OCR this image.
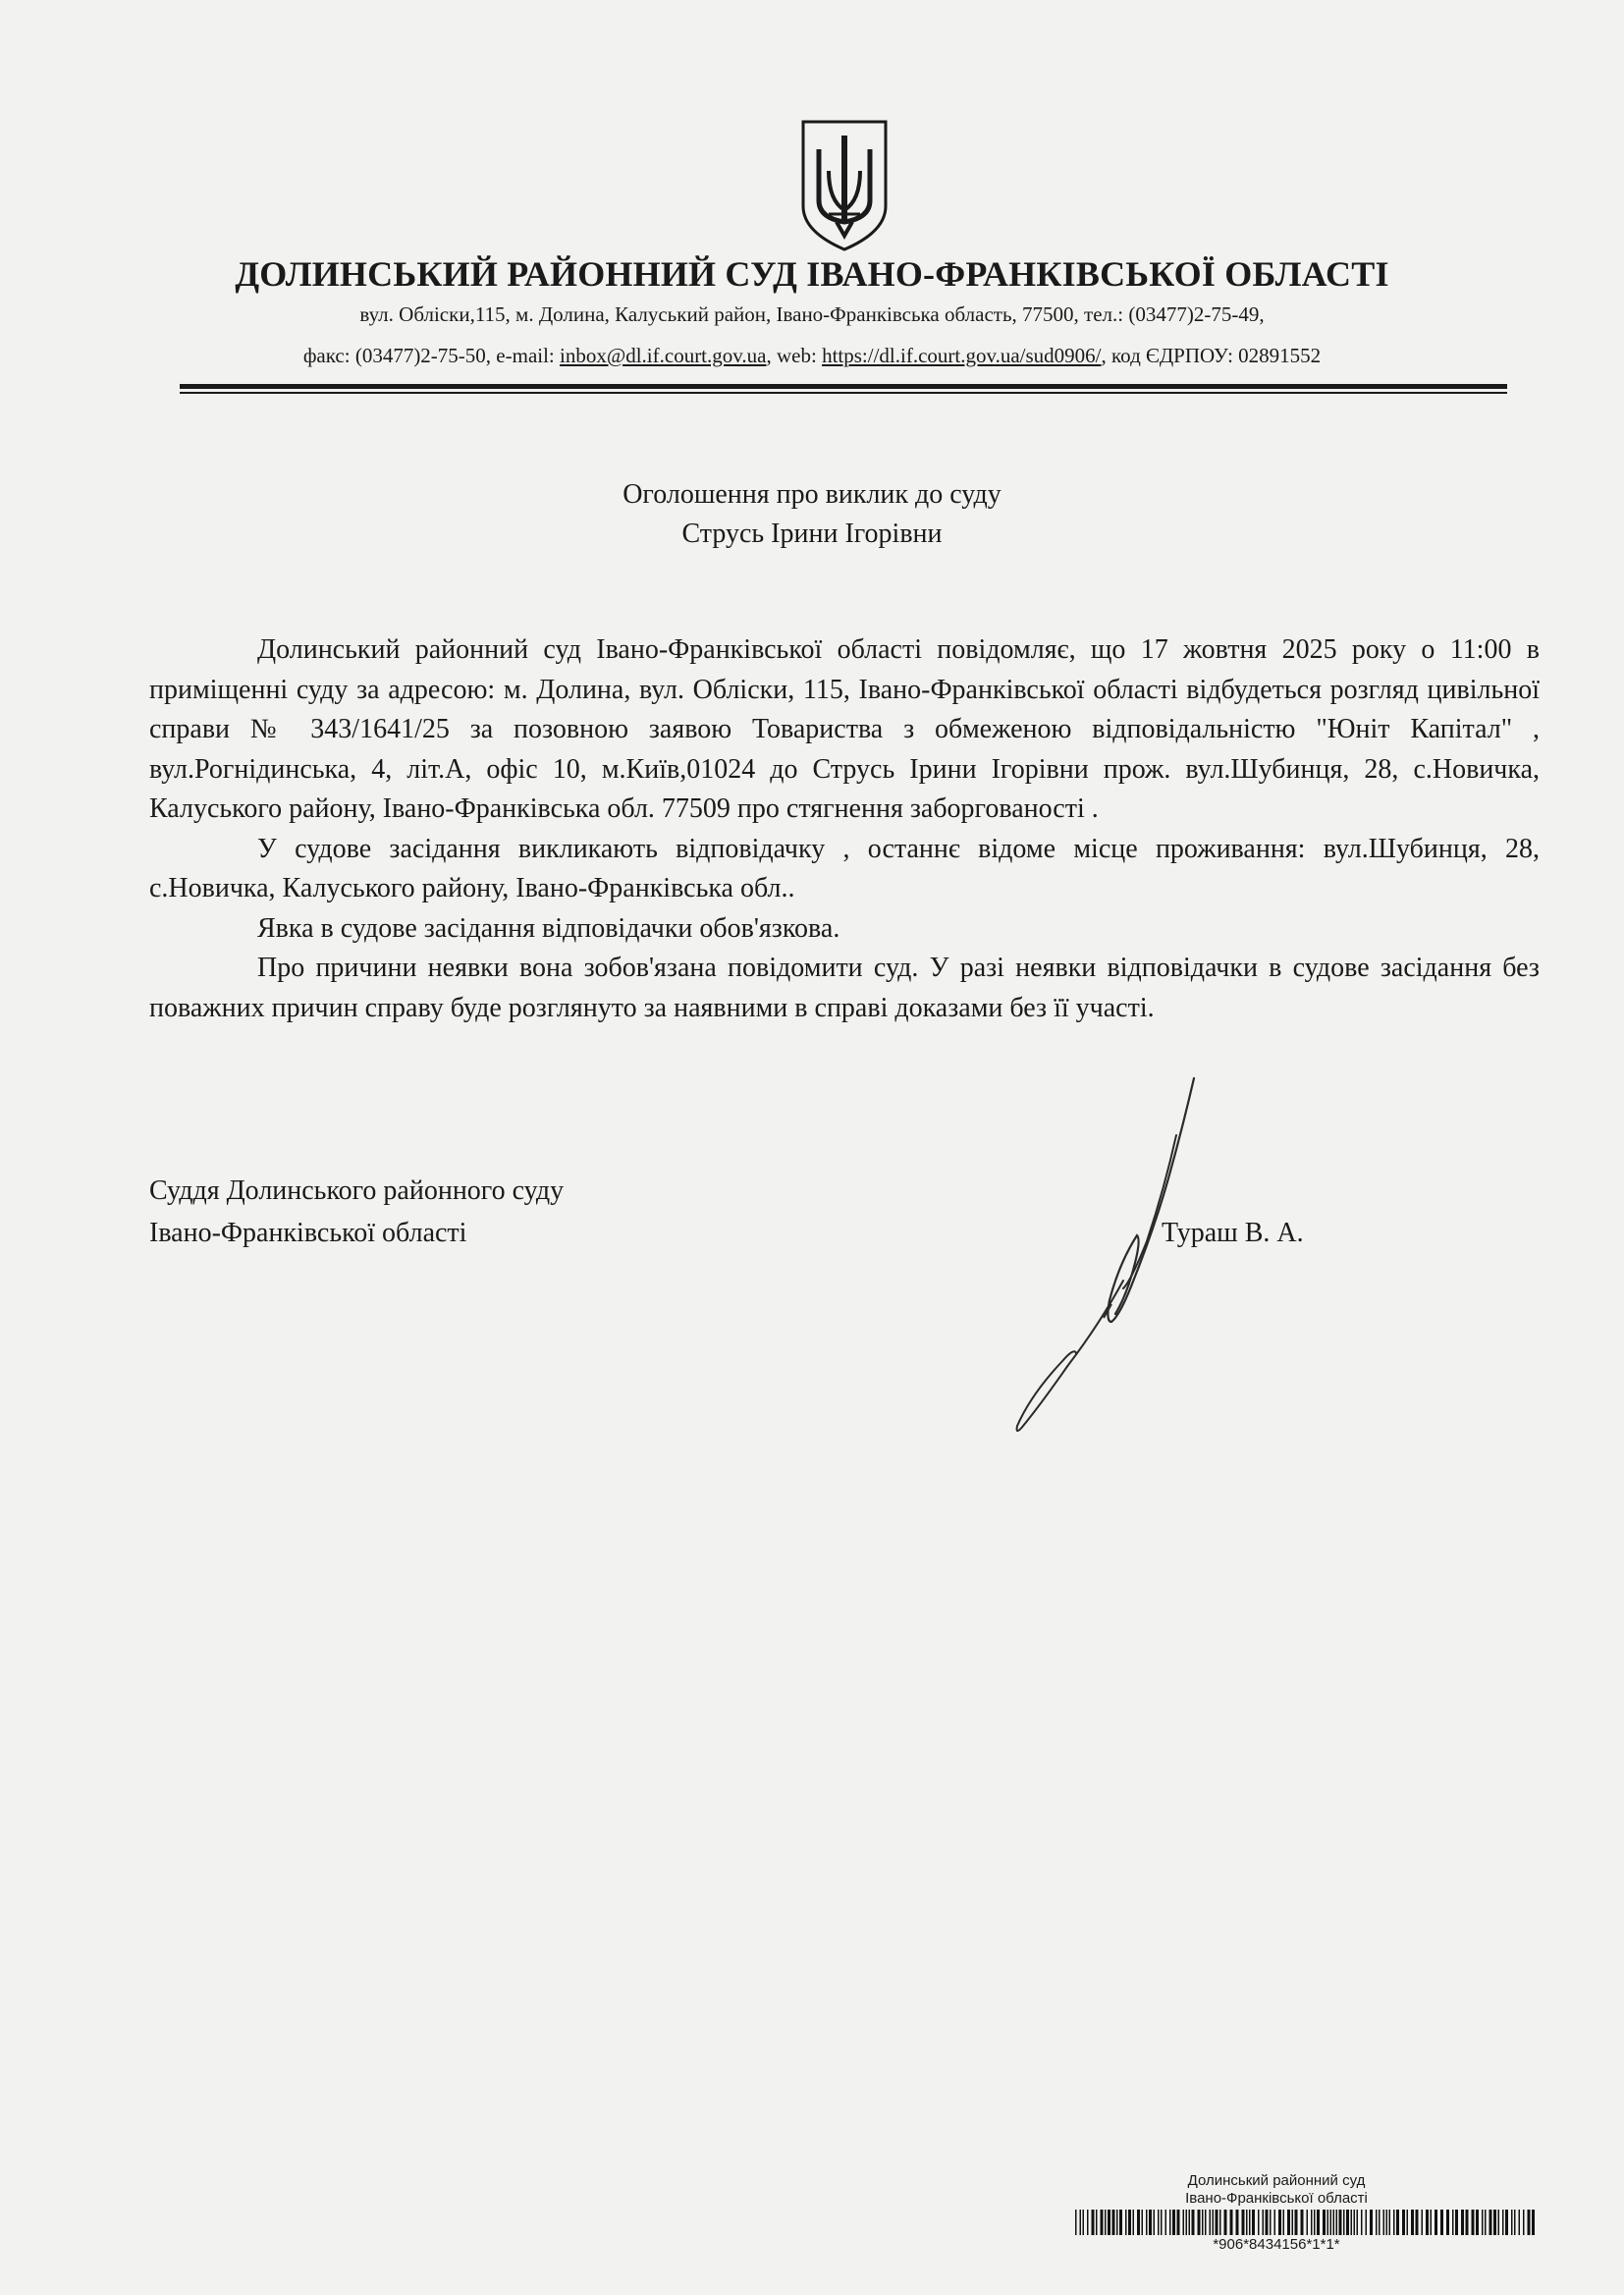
ДОЛИНСЬКИЙ РАЙОННИЙ СУД ІВАНО-ФРАНКІВСЬКОЇ ОБЛАСТІ
вул. Обліски,115, м. Долина, Калуський район, Івано-Франківська область, 77500, тел.: (03477)2-75-49,
факс: (03477)2-75-50, e-mail: inbox@dl.if.court.gov.ua, web: https://dl.if.court.gov.ua/sud0906/, код ЄДРПОУ: 02891552
Оголошення про виклик до суду
Струсь Ірини Ігорівни

Долинський районний суд Івано-Франківської області повідомляє, що 17 жовтня 2025 року о 11:00 в приміщенні суду за адресою: м. Долина, вул. Обліски, 115, Івано-Франківської області відбудеться розгляд цивільної справи № 343/1641/25 за позовною заявою Товариства з обмеженою відповідальністю "Юніт Капітал" , вул.Рогнідинська, 4, літ.А, офіс 10, м.Київ,01024 до Струсь Ірини Ігорівни прож. вул.Шубинця, 28, с.Новичка, Калуського району, Івано-Франківська обл. 77509 про стягнення заборгованості .

У судове засідання викликають відповідачку , останнє відоме місце проживання: вул.Шубинця, 28, с.Новичка, Калуського району, Івано-Франківська обл..

Явка в судове засідання відповідачки обов'язкова.

Про причини неявки вона зобов'язана повідомити суд. У разі неявки відповідачки в судове засідання без поважних причин справу буде розглянуто за наявними в справі доказами без її участі.

Суддя Долинського районного суду
Івано-Франківської області	Тураш В. А.
Долинський районний суд
Івано-Франківської області
*906*8434156*1*1*
